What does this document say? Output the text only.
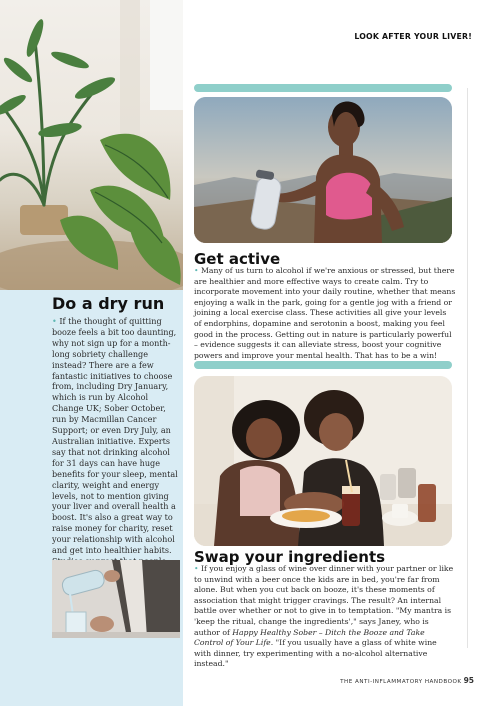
Do a dry run

• If the thought of quitting booze feels a bit too daunting, why not sign up for a month-long sobriety challenge instead? There are a few fantastic initiatives to choose from, including Dry January, which is run by Alcohol Change UK; Sober October, run by Macmillan Cancer Support; or even Dry July, an Australian initiative. Experts say that not drinking alcohol for 31 days can have huge benefits for your sleep, mental clarity, weight and energy levels, not to mention giving your liver and overall health a boost. It's also a great way to raise money for charity, reset your relationship with alcohol and get into healthier habits.

LOOK AFTER YOUR LIVER!
Get active

• Many of us turn to alcohol if we're anxious or stressed, but there are healthier and more effective ways to create calm. Try to incorporate movement into your daily routine, whether that means enjoying a walk in the park, going for a gentle jog with a friend or joining a local exercise class. These activities all give your levels of endorphins, dopamine and serotonin a boost, making you feel good in the process. Getting out in nature is particularly powerful – evidence suggests it can alleviate stress, boost your cognitive powers and improve your mental health. That has to be a win!

Swap your ingredients

• If you enjoy a glass of wine over dinner with your partner or like to unwind with a beer once the kids are in bed, you're far from alone. But when you cut back on booze, it's these moments of association that might trigger cravings. The result? An internal battle over whether or not to give in to temptation. "My mantra is 'keep the ritual, change the ingredients'," says Janey, who is author of Happy Healthy Sober – Ditch the Booze and Take Control of Your Life. "If you usually have a glass of white wine with dinner, try experimenting with a no-alcohol alternative instead."

THE ANTI-INFLAMMATORY HANDBOOK 95
